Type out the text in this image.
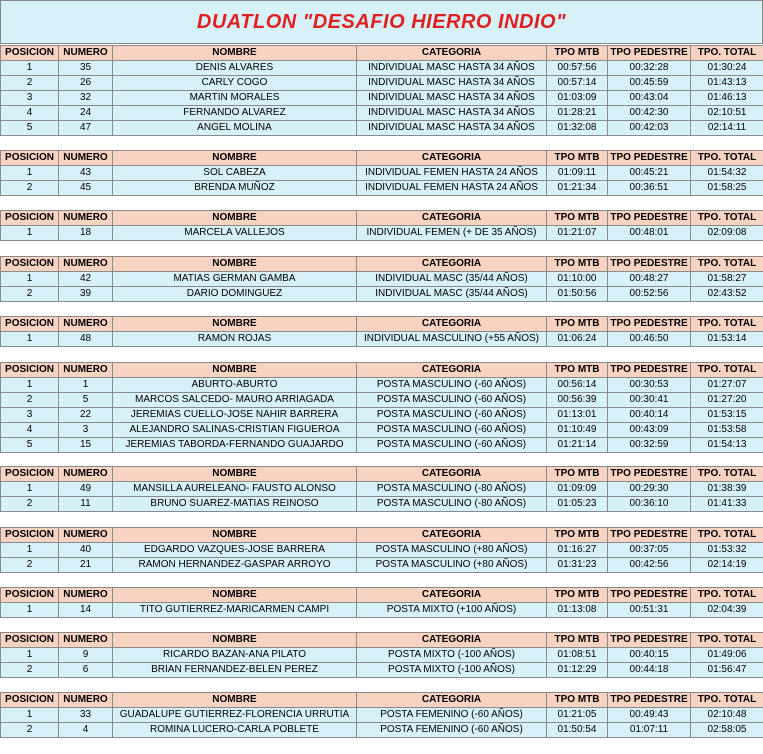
DUATLON "DESAFIO HIERRO INDIO"
POSICION	NUMERO	NOMBRE	CATEGORIA	TPO MTB	TPO PEDESTRE	TPO. TOTAL
1	35	DENIS ALVARES	INDIVIDUAL MASC HASTA 34 AÑOS	00:57:56	00:32:28	01:30:24
2	26	CARLY COGO	INDIVIDUAL MASC HASTA 34 AÑOS	00:57:14	00:45:59	01:43:13
3	32	MARTIN MORALES	INDIVIDUAL MASC HASTA 34 AÑOS	01:03:09	00:43:04	01:46:13
4	24	FERNANDO ALVAREZ	INDIVIDUAL MASC HASTA 34 AÑOS	01:28:21	00:42:30	02:10:51
5	47	ANGEL MOLINA	INDIVIDUAL MASC HASTA 34 AÑOS	01:32:08	00:42:03	02:14:11
POSICION	NUMERO	NOMBRE	CATEGORIA	TPO MTB	TPO PEDESTRE	TPO. TOTAL
1	43	SOL CABEZA	INDIVIDUAL FEMEN HASTA 24 AÑOS	01:09:11	00:45:21	01:54:32
2	45	BRENDA MUÑOZ	INDIVIDUAL FEMEN HASTA 24 AÑOS	01:21:34	00:36:51	01:58:25
POSICION	NUMERO	NOMBRE	CATEGORIA	TPO MTB	TPO PEDESTRE	TPO. TOTAL
1	18	MARCELA VALLEJOS	INDIVIDUAL FEMEN (+ DE 35 AÑOS)	01:21:07	00:48:01	02:09:08
POSICION	NUMERO	NOMBRE	CATEGORIA	TPO MTB	TPO PEDESTRE	TPO. TOTAL
1	42	MATIAS GERMAN GAMBA	INDIVIDUAL MASC (35/44 AÑOS)	01:10:00	00:48:27	01:58:27
2	39	DARIO DOMINGUEZ	INDIVIDUAL MASC (35/44 AÑOS)	01:50:56	00:52:56	02:43:52
POSICION	NUMERO	NOMBRE	CATEGORIA	TPO MTB	TPO PEDESTRE	TPO. TOTAL
1	48	RAMON ROJAS	INDIVIDUAL MASCULINO (+55 AÑOS)	01:06:24	00:46:50	01:53:14
POSICION	NUMERO	NOMBRE	CATEGORIA	TPO MTB	TPO PEDESTRE	TPO. TOTAL
1	1	ABURTO-ABURTO	POSTA MASCULINO (-60 AÑOS)	00:56:14	00:30:53	01:27:07
2	5	MARCOS SALCEDO- MAURO ARRIAGADA	POSTA MASCULINO (-60 AÑOS)	00:56:39	00:30:41	01:27:20
3	22	JEREMIAS CUELLO-JOSE NAHIR BARRERA	POSTA MASCULINO (-60 AÑOS)	01:13:01	00:40:14	01:53:15
4	3	ALEJANDRO SALINAS-CRISTIAN FIGUEROA	POSTA MASCULINO (-60 AÑOS)	01:10:49	00:43:09	01:53:58
5	15	JEREMIAS TABORDA-FERNANDO GUAJARDO	POSTA MASCULINO (-60 AÑOS)	01:21:14	00:32:59	01:54:13
POSICION	NUMERO	NOMBRE	CATEGORIA	TPO MTB	TPO PEDESTRE	TPO. TOTAL
1	49	MANSILLA AURELEANO- FAUSTO ALONSO	POSTA MASCULINO (-80 AÑOS)	01:09:09	00:29:30	01:38:39
2	11	BRUNO SUAREZ-MATIAS REINOSO	POSTA MASCULINO (-80 AÑOS)	01:05:23	00:36:10	01:41:33
POSICION	NUMERO	NOMBRE	CATEGORIA	TPO MTB	TPO PEDESTRE	TPO. TOTAL
1	40	EDGARDO VAZQUES-JOSE BARRERA	POSTA MASCULINO (+80 AÑOS)	01:16:27	00:37:05	01:53:32
2	21	RAMON HERNANDEZ-GASPAR ARROYO	POSTA MASCULINO (+80 AÑOS)	01:31:23	00:42:56	02:14:19
POSICION	NUMERO	NOMBRE	CATEGORIA	TPO MTB	TPO PEDESTRE	TPO. TOTAL
1	14	TITO GUTIERREZ-MARICARMEN CAMPI	POSTA MIXTO (+100 AÑOS)	01:13:08	00:51:31	02:04:39
POSICION	NUMERO	NOMBRE	CATEGORIA	TPO MTB	TPO PEDESTRE	TPO. TOTAL
1	9	RICARDO BAZAN-ANA PILATO	POSTA MIXTO (-100 AÑOS)	01:08:51	00:40:15	01:49:06
2	6	BRIAN FERNANDEZ-BELEN PEREZ	POSTA MIXTO (-100 AÑOS)	01:12:29	00:44:18	01:56:47
POSICION	NUMERO	NOMBRE	CATEGORIA	TPO MTB	TPO PEDESTRE	TPO. TOTAL
1	33	GUADALUPE GUTIERREZ-FLORENCIA URRUTIA	POSTA FEMENINO (-60 AÑOS)	01:21:05	00:49:43	02:10:48
2	4	ROMINA LUCERO-CARLA POBLETE	POSTA FEMENINO (-60 AÑOS)	01:50:54	01:07:11	02:58:05
